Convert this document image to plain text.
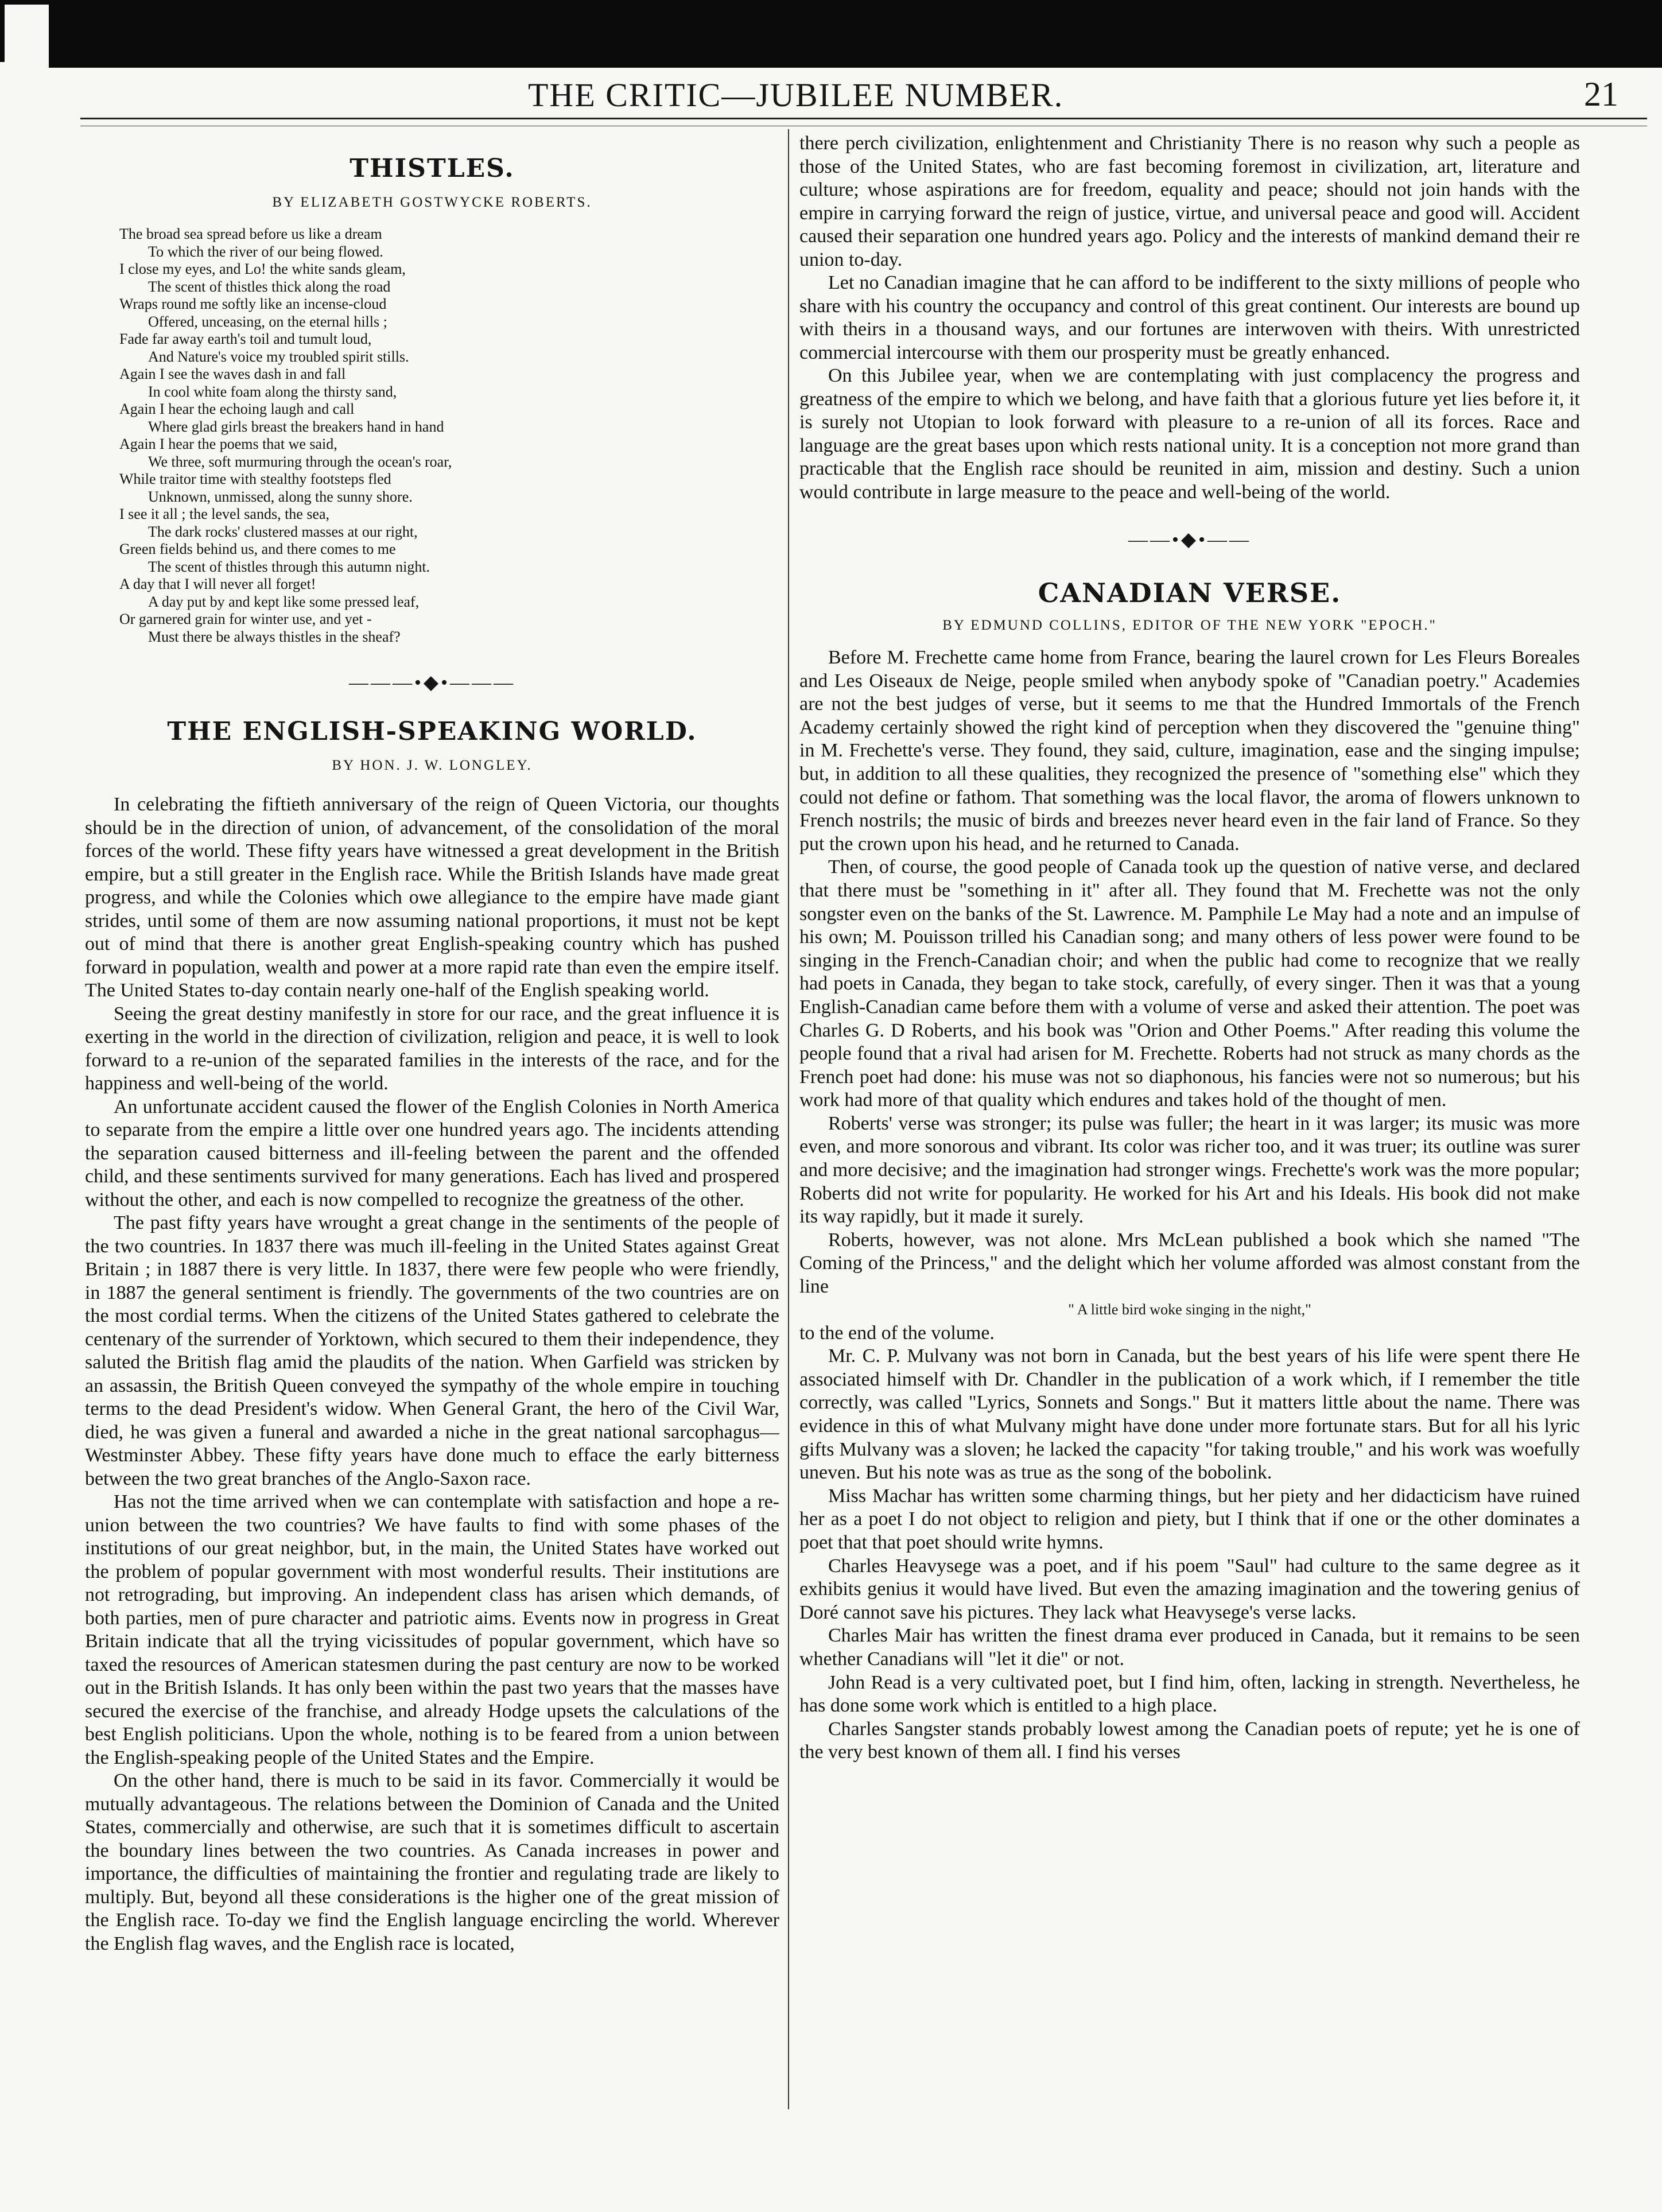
THE CRITIC—JUBILEE NUMBER.	21
THISTLES.
BY ELIZABETH GOSTWYCKE ROBERTS.
The broad sea spread before us like a dream
To which the river of our being flowed.
I close my eyes, and Lo! the white sands gleam,
The scent of thistles thick along the road
Wraps round me softly like an incense-cloud
Offered, unceasing, on the eternal hills ;
Fade far away earth's toil and tumult loud,
And Nature's voice my troubled spirit stills.
Again I see the waves dash in and fall
In cool white foam along the thirsty sand,
Again I hear the echoing laugh and call
Where glad girls breast the breakers hand in hand
Again I hear the poems that we said,
We three, soft murmuring through the ocean's roar,
While traitor time with stealthy footsteps fled
Unknown, unmissed, along the sunny shore.
I see it all ; the level sands, the sea,
The dark rocks' clustered masses at our right,
Green fields behind us, and there comes to me
The scent of thistles through this autumn night.
A day that I will never all forget!
A day put by and kept like some pressed leaf,
Or garnered grain for winter use, and yet -
Must there be always thistles in the sheaf?
———•◆•———
THE ENGLISH-SPEAKING WORLD.
BY HON. J. W. LONGLEY.

In celebrating the fiftieth anniversary of the reign of Queen Victoria, our thoughts should be in the direction of union, of advancement, of the consolidation of the moral forces of the world. These fifty years have witnessed a great development in the British empire, but a still greater in the English race. While the British Islands have made great progress, and while the Colonies which owe allegiance to the empire have made giant strides, until some of them are now assuming national proportions, it must not be kept out of mind that there is another great English-speaking country which has pushed forward in population, wealth and power at a more rapid rate than even the empire itself. The United States to-day contain nearly one-half of the English speaking world.

Seeing the great destiny manifestly in store for our race, and the great influence it is exerting in the world in the direction of civilization, religion and peace, it is well to look forward to a re-union of the separated families in the interests of the race, and for the happiness and well-being of the world.

An unfortunate accident caused the flower of the English Colonies in North America to separate from the empire a little over one hundred years ago. The incidents attending the separation caused bitterness and ill-feeling between the parent and the offended child, and these sentiments survived for many generations. Each has lived and prospered without the other, and each is now compelled to recognize the greatness of the other.

The past fifty years have wrought a great change in the sentiments of the people of the two countries. In 1837 there was much ill-feeling in the United States against Great Britain ; in 1887 there is very little. In 1837, there were few people who were friendly, in 1887 the general sentiment is friendly. The governments of the two countries are on the most cordial terms. When the citizens of the United States gathered to celebrate the centenary of the surrender of Yorktown, which secured to them their independence, they saluted the British flag amid the plaudits of the nation. When Garfield was stricken by an assassin, the British Queen conveyed the sympathy of the whole empire in touching terms to the dead President's widow. When General Grant, the hero of the Civil War, died, he was given a funeral and awarded a niche in the great national sarcophagus—Westminster Abbey. These fifty years have done much to efface the early bitterness between the two great branches of the Anglo-Saxon race.

Has not the time arrived when we can contemplate with satisfaction and hope a re-union between the two countries? We have faults to find with some phases of the institutions of our great neighbor, but, in the main, the United States have worked out the problem of popular government with most wonderful results. Their institutions are not retrograding, but improving. An independent class has arisen which demands, of both parties, men of pure character and patriotic aims. Events now in progress in Great Britain indicate that all the trying vicissitudes of popular government, which have so taxed the resources of American statesmen during the past century are now to be worked out in the British Islands. It has only been within the past two years that the masses have secured the exercise of the franchise, and already Hodge upsets the calculations of the best English politicians. Upon the whole, nothing is to be feared from a union between the English-speaking people of the United States and the Empire.

On the other hand, there is much to be said in its favor. Commercially it would be mutually advantageous. The relations between the Dominion of Canada and the United States, commercially and otherwise, are such that it is sometimes difficult to ascertain the boundary lines between the two countries. As Canada increases in power and importance, the difficulties of maintaining the frontier and regulating trade are likely to multiply. But, beyond all these considerations is the higher one of the great mission of the English race. To-day we find the English language encircling the world. Wherever the English flag waves, and the English race is located,

there perch civilization, enlightenment and Christianity There is no reason why such a people as those of the United States, who are fast becoming foremost in civilization, art, literature and culture; whose aspirations are for freedom, equality and peace; should not join hands with the empire in carrying forward the reign of justice, virtue, and universal peace and good will. Accident caused their separation one hundred years ago. Policy and the interests of mankind demand their re union to-day.

Let no Canadian imagine that he can afford to be indifferent to the sixty millions of people who share with his country the occupancy and control of this great continent. Our interests are bound up with theirs in a thousand ways, and our fortunes are interwoven with theirs. With unrestricted commercial intercourse with them our prosperity must be greatly enhanced.

On this Jubilee year, when we are contemplating with just complacency the progress and greatness of the empire to which we belong, and have faith that a glorious future yet lies before it, it is surely not Utopian to look forward with pleasure to a re-union of all its forces. Race and language are the great bases upon which rests national unity. It is a conception not more grand than practicable that the English race should be reunited in aim, mission and destiny. Such a union would contribute in large measure to the peace and well-being of the world.

——•◆•——
CANADIAN VERSE.
BY EDMUND COLLINS, EDITOR OF THE NEW YORK "EPOCH."

Before M. Frechette came home from France, bearing the laurel crown for Les Fleurs Boreales and Les Oiseaux de Neige, people smiled when anybody spoke of "Canadian poetry." Academies are not the best judges of verse, but it seems to me that the Hundred Immortals of the French Academy certainly showed the right kind of perception when they discovered the "genuine thing" in M. Frechette's verse. They found, they said, culture, imagination, ease and the singing impulse; but, in addition to all these qualities, they recognized the presence of "something else" which they could not define or fathom. That something was the local flavor, the aroma of flowers unknown to French nostrils; the music of birds and breezes never heard even in the fair land of France. So they put the crown upon his head, and he returned to Canada.

Then, of course, the good people of Canada took up the question of native verse, and declared that there must be "something in it" after all. They found that M. Frechette was not the only songster even on the banks of the St. Lawrence. M. Pamphile Le May had a note and an impulse of his own; M. Pouisson trilled his Canadian song; and many others of less power were found to be singing in the French-Canadian choir; and when the public had come to recognize that we really had poets in Canada, they began to take stock, carefully, of every singer. Then it was that a young English-Canadian came before them with a volume of verse and asked their attention. The poet was Charles G. D Roberts, and his book was "Orion and Other Poems." After reading this volume the people found that a rival had arisen for M. Frechette. Roberts had not struck as many chords as the French poet had done: his muse was not so diaphonous, his fancies were not so numerous; but his work had more of that quality which endures and takes hold of the thought of men.

Roberts' verse was stronger; its pulse was fuller; the heart in it was larger; its music was more even, and more sonorous and vibrant. Its color was richer too, and it was truer; its outline was surer and more decisive; and the imagination had stronger wings. Frechette's work was the more popular; Roberts did not write for popularity. He worked for his Art and his Ideals. His book did not make its way rapidly, but it made it surely.

Roberts, however, was not alone. Mrs McLean published a book which she named "The Coming of the Princess," and the delight which her volume afforded was almost constant from the line

" A little bird woke singing in the night,"

to the end of the volume.

Mr. C. P. Mulvany was not born in Canada, but the best years of his life were spent there He associated himself with Dr. Chandler in the publication of a work which, if I remember the title correctly, was called "Lyrics, Sonnets and Songs." But it matters little about the name. There was evidence in this of what Mulvany might have done under more fortunate stars. But for all his lyric gifts Mulvany was a sloven; he lacked the capacity "for taking trouble," and his work was woefully uneven. But his note was as true as the song of the bobolink.

Miss Machar has written some charming things, but her piety and her didacticism have ruined her as a poet I do not object to religion and piety, but I think that if one or the other dominates a poet that that poet should write hymns.

Charles Heavysege was a poet, and if his poem "Saul" had culture to the same degree as it exhibits genius it would have lived. But even the amazing imagination and the towering genius of Doré cannot save his pictures. They lack what Heavysege's verse lacks.

Charles Mair has written the finest drama ever produced in Canada, but it remains to be seen whether Canadians will "let it die" or not.

John Read is a very cultivated poet, but I find him, often, lacking in strength. Nevertheless, he has done some work which is entitled to a high place.

Charles Sangster stands probably lowest among the Canadian poets of repute; yet he is one of the very best known of them all. I find his verses
